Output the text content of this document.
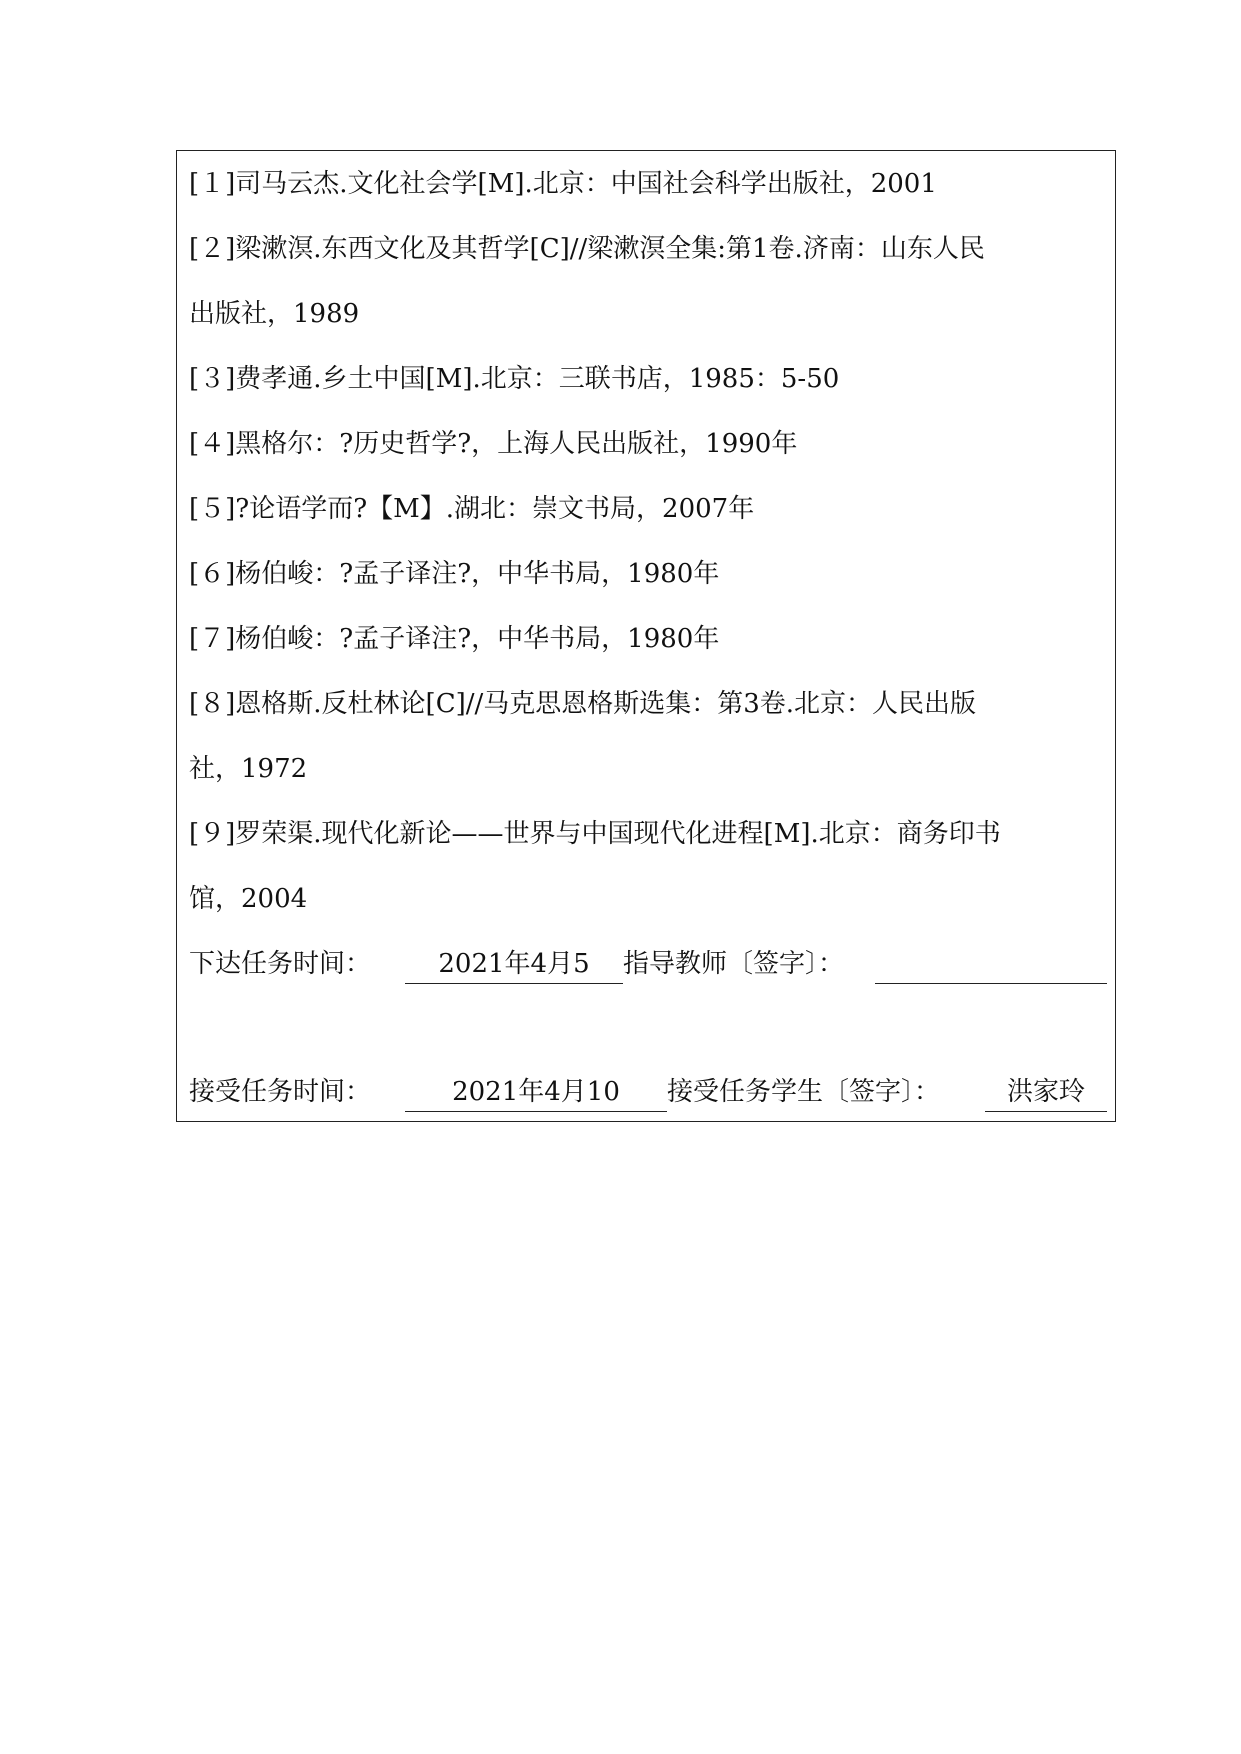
[１]司马云杰.文化社会学[M].北京：中国社会科学出版社，2001
[２]梁漱溟.东西文化及其哲学[C]//梁漱溟全集:第1卷.济南：山东人民
出版社，1989
[３]费孝通.乡土中国[M].北京：三联书店，1985：5-50
[４]黑格尔：?历史哲学?，上海人民出版社，1990年
[５]?论语学而?【M】.湖北：崇文书局，2007年
[６]杨伯峻：?孟子译注?，中华书局，1980年
[７]杨伯峻：?孟子译注?，中华书局，1980年
[８]恩格斯.反杜林论[C]//马克思恩格斯选集：第3卷.北京：人民出版
社，1972
[９]罗荣渠.现代化新论——世界与中国现代化进程[M].北京：商务印书
馆，2004
下达任务时间：	2021年4月5	指导教师〔签字〕：
接受任务时间：	2021年4月10	接受任务学生〔签字〕：	洪家玲
